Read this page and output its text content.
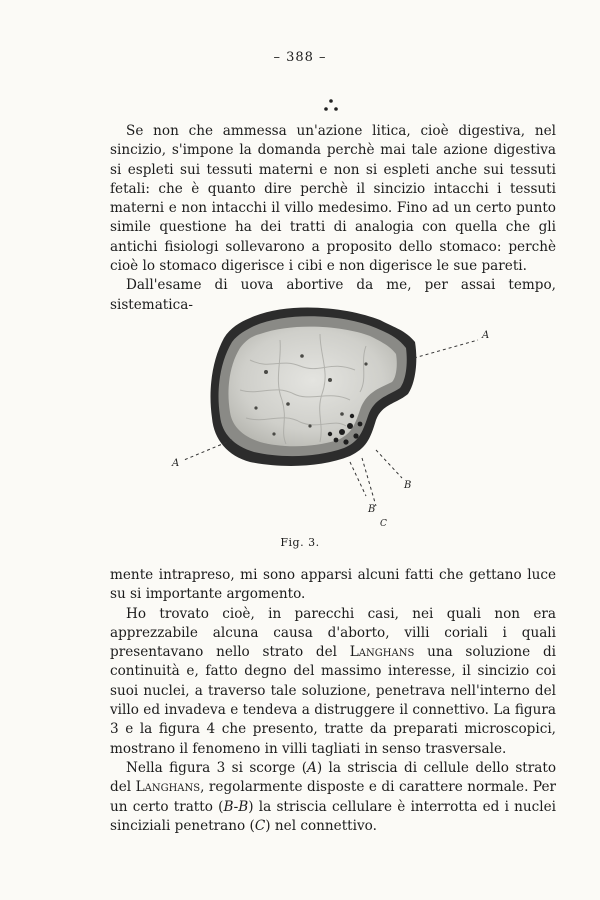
– 388 –

Se non che ammessa un'azione litica, cioè digestiva, nel sincizio, s'impone la domanda perchè mai tale azione digestiva si espleti sui tessuti materni e non si espleti anche sui tessuti fetali: che è quanto dire perchè il sincizio intacchi i tessuti materni e non intacchi il villo medesimo. Fino ad un certo punto simile questione ha dei tratti di analogia con quella che gli antichi fisiologi sollevarono a proposito dello stomaco: perchè cioè lo stomaco digerisce i cibi e non digerisce le sue pareti.

Dall'esame di uova abortive da me, per assai tempo, sistematica-

A
A
B
B
C
Fig. 3.

mente intrapreso, mi sono apparsi alcuni fatti che gettano luce su si importante argomento.

Ho trovato cioè, in parecchi casi, nei quali non era apprezzabile alcuna causa d'aborto, villi coriali i quali presentavano nello strato del Langhans una soluzione di continuità e, fatto degno del massimo interesse, il sincizio coi suoi nuclei, a traverso tale soluzione, penetrava nell'interno del villo ed invadeva e tendeva a distruggere il connettivo. La figura 3 e la figura 4 che presento, tratte da preparati microscopici, mostrano il fenomeno in villi tagliati in senso trasversale.

Nella figura 3 si scorge (A) la striscia di cellule dello strato del Langhans, regolarmente disposte e di carattere normale. Per un certo tratto (B-B) la striscia cellulare è interrotta ed i nuclei sinciziali penetrano (C) nel connettivo.
